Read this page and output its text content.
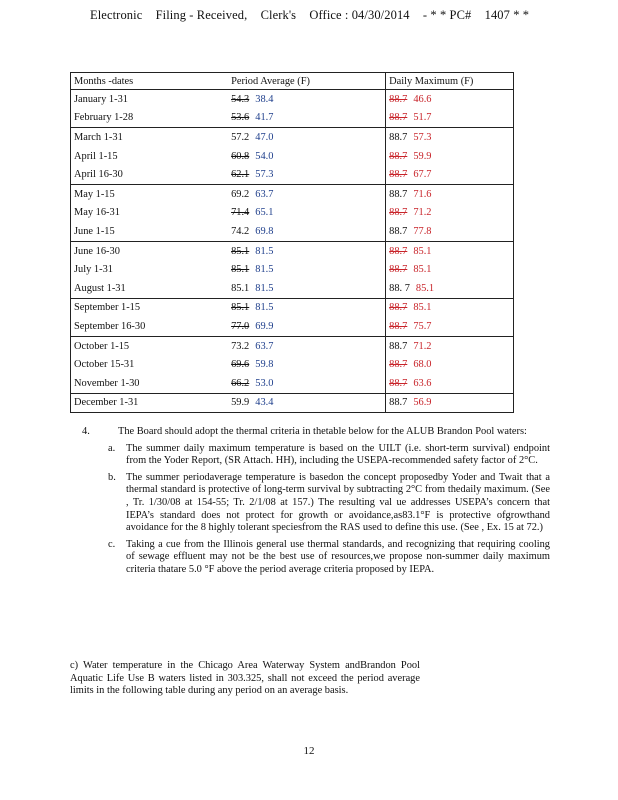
Electronic Filing - Received, Clerk's Office : 04/30/2014 - * * PC# 1407 * *
Months -dates	Period Average (F)	Daily Maximum (F)
January 1-31	54.3 38.4	88.7 46.6
February 1-28	53.6 41.7	88.7 51.7
March 1-31	57.2 47.0	88.7 57.3
April 1-15	60.8 54.0	88.7 59.9
April 16-30	62.1 57.3	88.7 67.7
May 1-15	69.2 63.7	88.7 71.6
May 16-31	71.4 65.1	88.7 71.2
June 1-15	74.2 69.8	88.7 77.8
June 16-30	85.1 81.5	88.7 85.1
July 1-31	85.1 81.5	88.7 85.1
August 1-31	85.1 81.5	88. 7 85.1
September 1-15	85.1 81.5	88.7 85.1
September 16-30	77.0 69.9	88.7 75.7
October 1-15	73.2 63.7	88.7 71.2
October 15-31	69.6 59.8	88.7 68.0
November 1-30	66.2 53.0	88.7 63.6
December 1-31	59.9 43.4	88.7 56.9
4.	The Board should adopt the thermal criteria in thetable below for the ALUB Brandon Pool waters:
a. The summer daily maximum temperature is based on the UILT (i.e. short-term survival) endpoint from the Yoder Report, (SR Attach. HH), including the USEPA-recommended safety factor of 2°C.
b. The summer periodaverage temperature is basedon the concept proposedby Yoder and Twait that a thermal standard is protective of long-term survival by subtracting 2°C from thedaily maximum. (See , Tr. 1/30/08 at 154-55; Tr. 2/1/08 at 157.) The resulting val ue addresses USEPA’s concern that IEPA’s standard does not protect for growth or avoidance,as83.1°F is protective ofgrowthand avoidance for the 8 highly tolerant speciesfrom the RAS used to define this use. (See , Ex. 15 at 72.)
c. Taking a cue from the Illinois general use thermal standards, and recognizing that requiring cooling of sewage effluent may not be the best use of resources,we propose non-summer daily maximum criteria thatare 5.0 °F above the period average criteria proposed by IEPA.
c) Water temperature in the Chicago Area Waterway System andBrandon Pool Aquatic Life Use B waters listed in 303.325, shall not exceed the period average limits in the following table during any period on an average basis.
12
